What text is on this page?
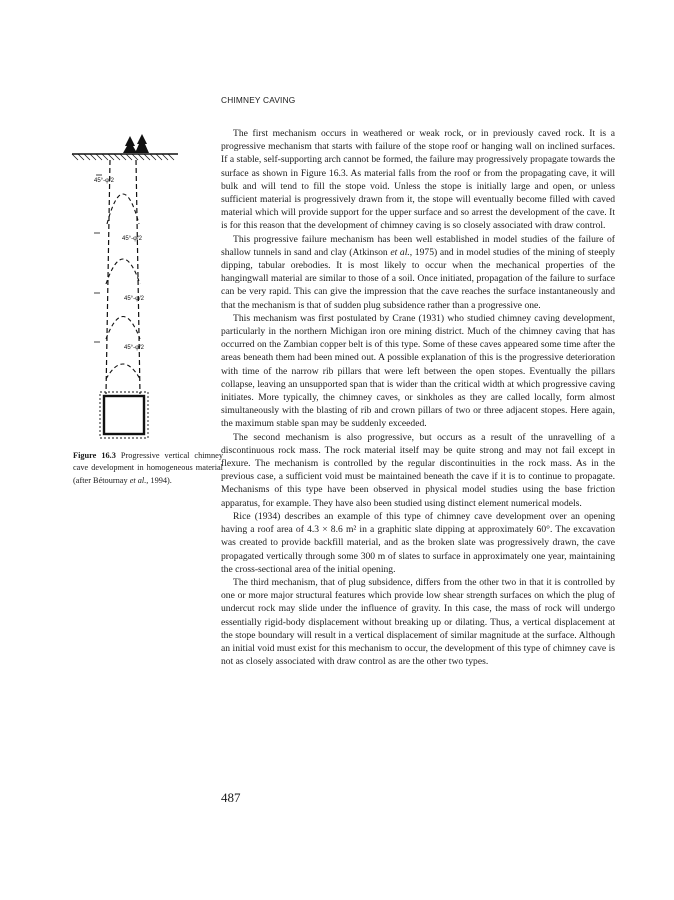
CHIMNEY CAVING
45°-φ/2
45°-φ/2
45°-φ/2
45°-φ/2
Figure 16.3 Progressive vertical chimney cave development in homogeneous material (after Bétournay et al., 1994).

The first mechanism occurs in weathered or weak rock, or in previously caved rock. It is a progressive mechanism that starts with failure of the stope roof or hanging wall on inclined surfaces. If a stable, self-supporting arch cannot be formed, the failure may progressively propagate towards the surface as shown in Figure 16.3. As material falls from the roof or from the propagating cave, it will bulk and will tend to fill the stope void. Unless the stope is initially large and open, or unless sufficient material is progressively drawn from it, the stope will eventually become filled with caved material which will provide support for the upper surface and so arrest the development of the cave. It is for this reason that the development of chimney caving is so closely associated with draw control.

This progressive failure mechanism has been well established in model studies of the failure of shallow tunnels in sand and clay (Atkinson et al., 1975) and in model studies of the mining of steeply dipping, tabular orebodies. It is most likely to occur when the mechanical properties of the hangingwall material are similar to those of a soil. Once initiated, propagation of the failure to surface can be very rapid. This can give the impression that the cave reaches the surface instantaneously and that the mechanism is that of sudden plug subsidence rather than a progressive one.

This mechanism was first postulated by Crane (1931) who studied chimney caving development, particularly in the northern Michigan iron ore mining district. Much of the chimney caving that has occurred on the Zambian copper belt is of this type. Some of these caves appeared some time after the areas beneath them had been mined out. A possible explanation of this is the progressive deterioration with time of the narrow rib pillars that were left between the open stopes. Eventually the pillars collapse, leaving an unsupported span that is wider than the critical width at which progressive caving initiates. More typically, the chimney caves, or sinkholes as they are called locally, form almost simultaneously with the blasting of rib and crown pillars of two or three adjacent stopes. Here again, the maximum stable span may be suddenly exceeded.

The second mechanism is also progressive, but occurs as a result of the unravelling of a discontinuous rock mass. The rock material itself may be quite strong and may not fail except in flexure. The mechanism is controlled by the regular discontinuities in the rock mass. As in the previous case, a sufficient void must be maintained beneath the cave if it is to continue to propagate. Mechanisms of this type have been observed in physical model studies using the base friction apparatus, for example. They have also been studied using distinct element numerical models.

Rice (1934) describes an example of this type of chimney cave development over an opening having a roof area of 4.3 × 8.6 m² in a graphitic slate dipping at approximately 60°. The excavation was created to provide backfill material, and as the broken slate was progressively drawn, the cave propagated vertically through some 300 m of slates to surface in approximately one year, maintaining the cross-sectional area of the initial opening.

The third mechanism, that of plug subsidence, differs from the other two in that it is controlled by one or more major structural features which provide low shear strength surfaces on which the plug of undercut rock may slide under the influence of gravity. In this case, the mass of rock will undergo essentially rigid-body displacement without breaking up or dilating. Thus, a vertical displacement at the stope boundary will result in a vertical displacement of similar magnitude at the surface. Although an initial void must exist for this mechanism to occur, the development of this type of chimney cave is not as closely associated with draw control as are the other two types.

487
